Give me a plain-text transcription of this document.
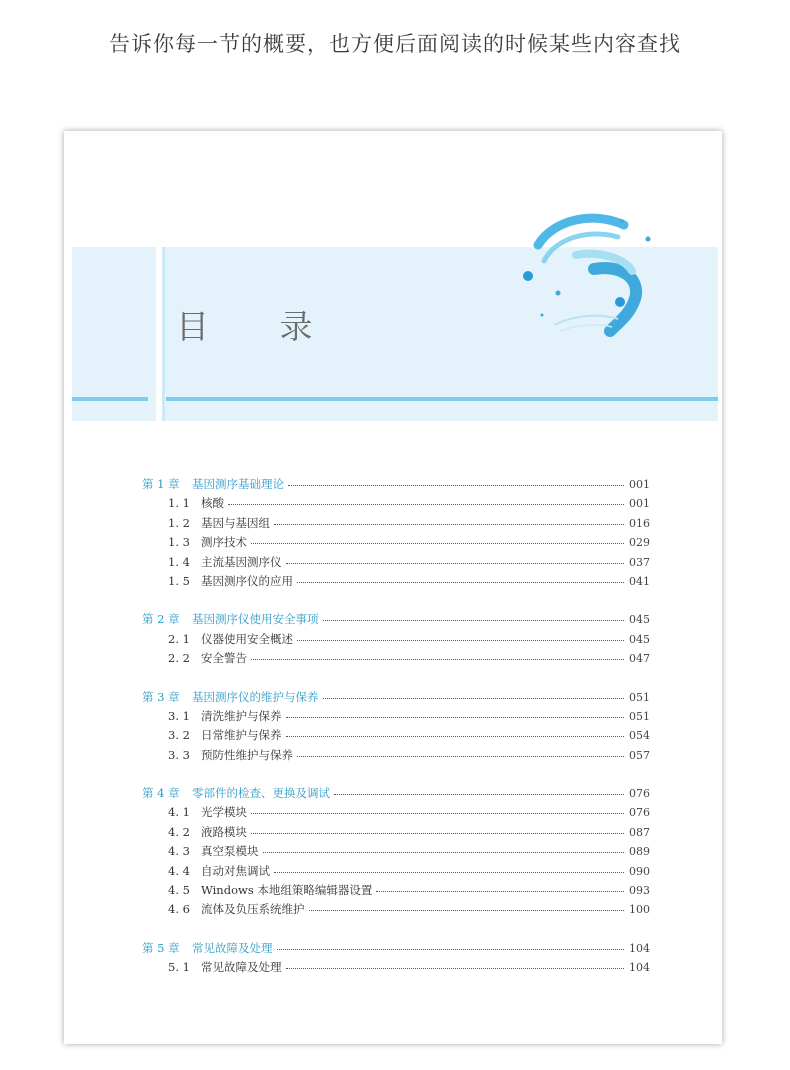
告诉你每一节的概要，也方便后面阅读的时候某些内容查找
目 录
第 1 章	基因测序基础理论	001
1. 1 核酸	001
1. 2 基因与基因组	016
1. 3 测序技术	029
1. 4 主流基因测序仪	037
1. 5 基因测序仪的应用	041
第 2 章	基因测序仪使用安全事项	045
2. 1 仪器使用安全概述	045
2. 2 安全警告	047
第 3 章	基因测序仪的维护与保养	051
3. 1 清洗维护与保养	051
3. 2 日常维护与保养	054
3. 3 预防性维护与保养	057
第 4 章	零部件的检查、更换及调试	076
4. 1 光学模块	076
4. 2 液路模块	087
4. 3 真空泵模块	089
4. 4 自动对焦调试	090
4. 5 Windows 本地组策略编辑器设置	093
4. 6 流体及负压系统维护	100
第 5 章	常见故障及处理	104
5. 1 常见故障及处理	104
